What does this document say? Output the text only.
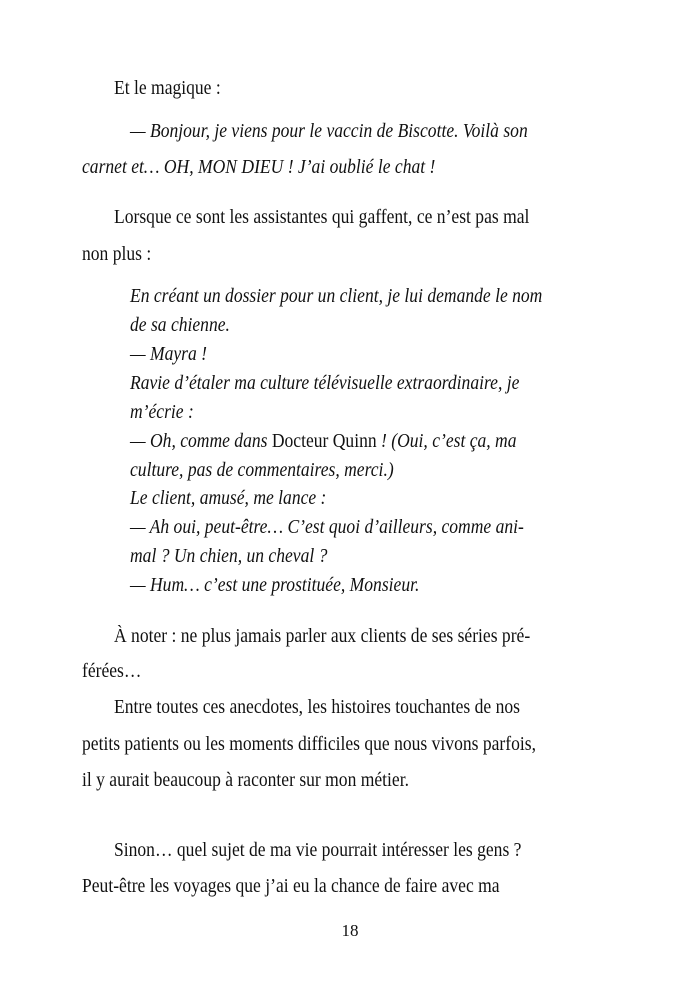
Et le magique :
— Bonjour, je viens pour le vaccin de Biscotte. Voilà son
carnet et… OH, MON DIEU ! J’ai oublié le chat !
Lorsque ce sont les assistantes qui gaffent, ce n’est pas mal
non plus :
En créant un dossier pour un client, je lui demande le nom
de sa chienne.
— Mayra !
Ravie d’étaler ma culture télévisuelle extraordinaire, je
m’écrie :
— Oh, comme dans Docteur Quinn ! (Oui, c’est ça, ma
culture, pas de commentaires, merci.)
Le client, amusé, me lance :
— Ah oui, peut-être… C’est quoi d’ailleurs, comme ani-
mal ? Un chien, un cheval ?
— Hum… c’est une prostituée, Monsieur.
À noter : ne plus jamais parler aux clients de ses séries pré-
férées…
Entre toutes ces anecdotes, les histoires touchantes de nos
petits patients ou les moments difficiles que nous vivons parfois,
il y aurait beaucoup à raconter sur mon métier.
Sinon… quel sujet de ma vie pourrait intéresser les gens ?
Peut-être les voyages que j’ai eu la chance de faire avec ma
18
